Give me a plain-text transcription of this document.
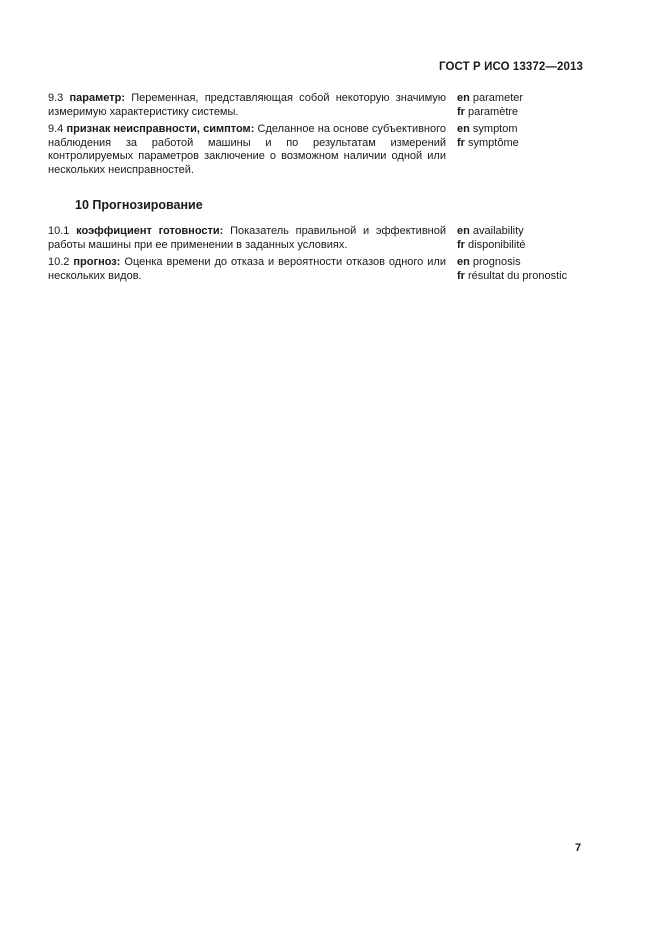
ГОСТ Р ИСО 13372—2013
9.3 параметр: Переменная, представляющая собой некоторую значимую измеримую характеристику системы.
en parameter
fr paramètre
9.4 признак неисправности, симптом: Сделанное на основе субъективного наблюдения за работой машины и по результатам измерений контролируемых параметров заключение о возможном наличии одной или нескольких неисправностей.
en symptom
fr symptôme
10 Прогнозирование
10.1 коэффициент готовности: Показатель правильной и эффективной работы машины при ее применении в заданных условиях.
en availability
fr disponibilité
10.2 прогноз: Оценка времени до отказа и вероятности отказов одного или нескольких видов.
en prognosis
fr résultat du pronostic
7
